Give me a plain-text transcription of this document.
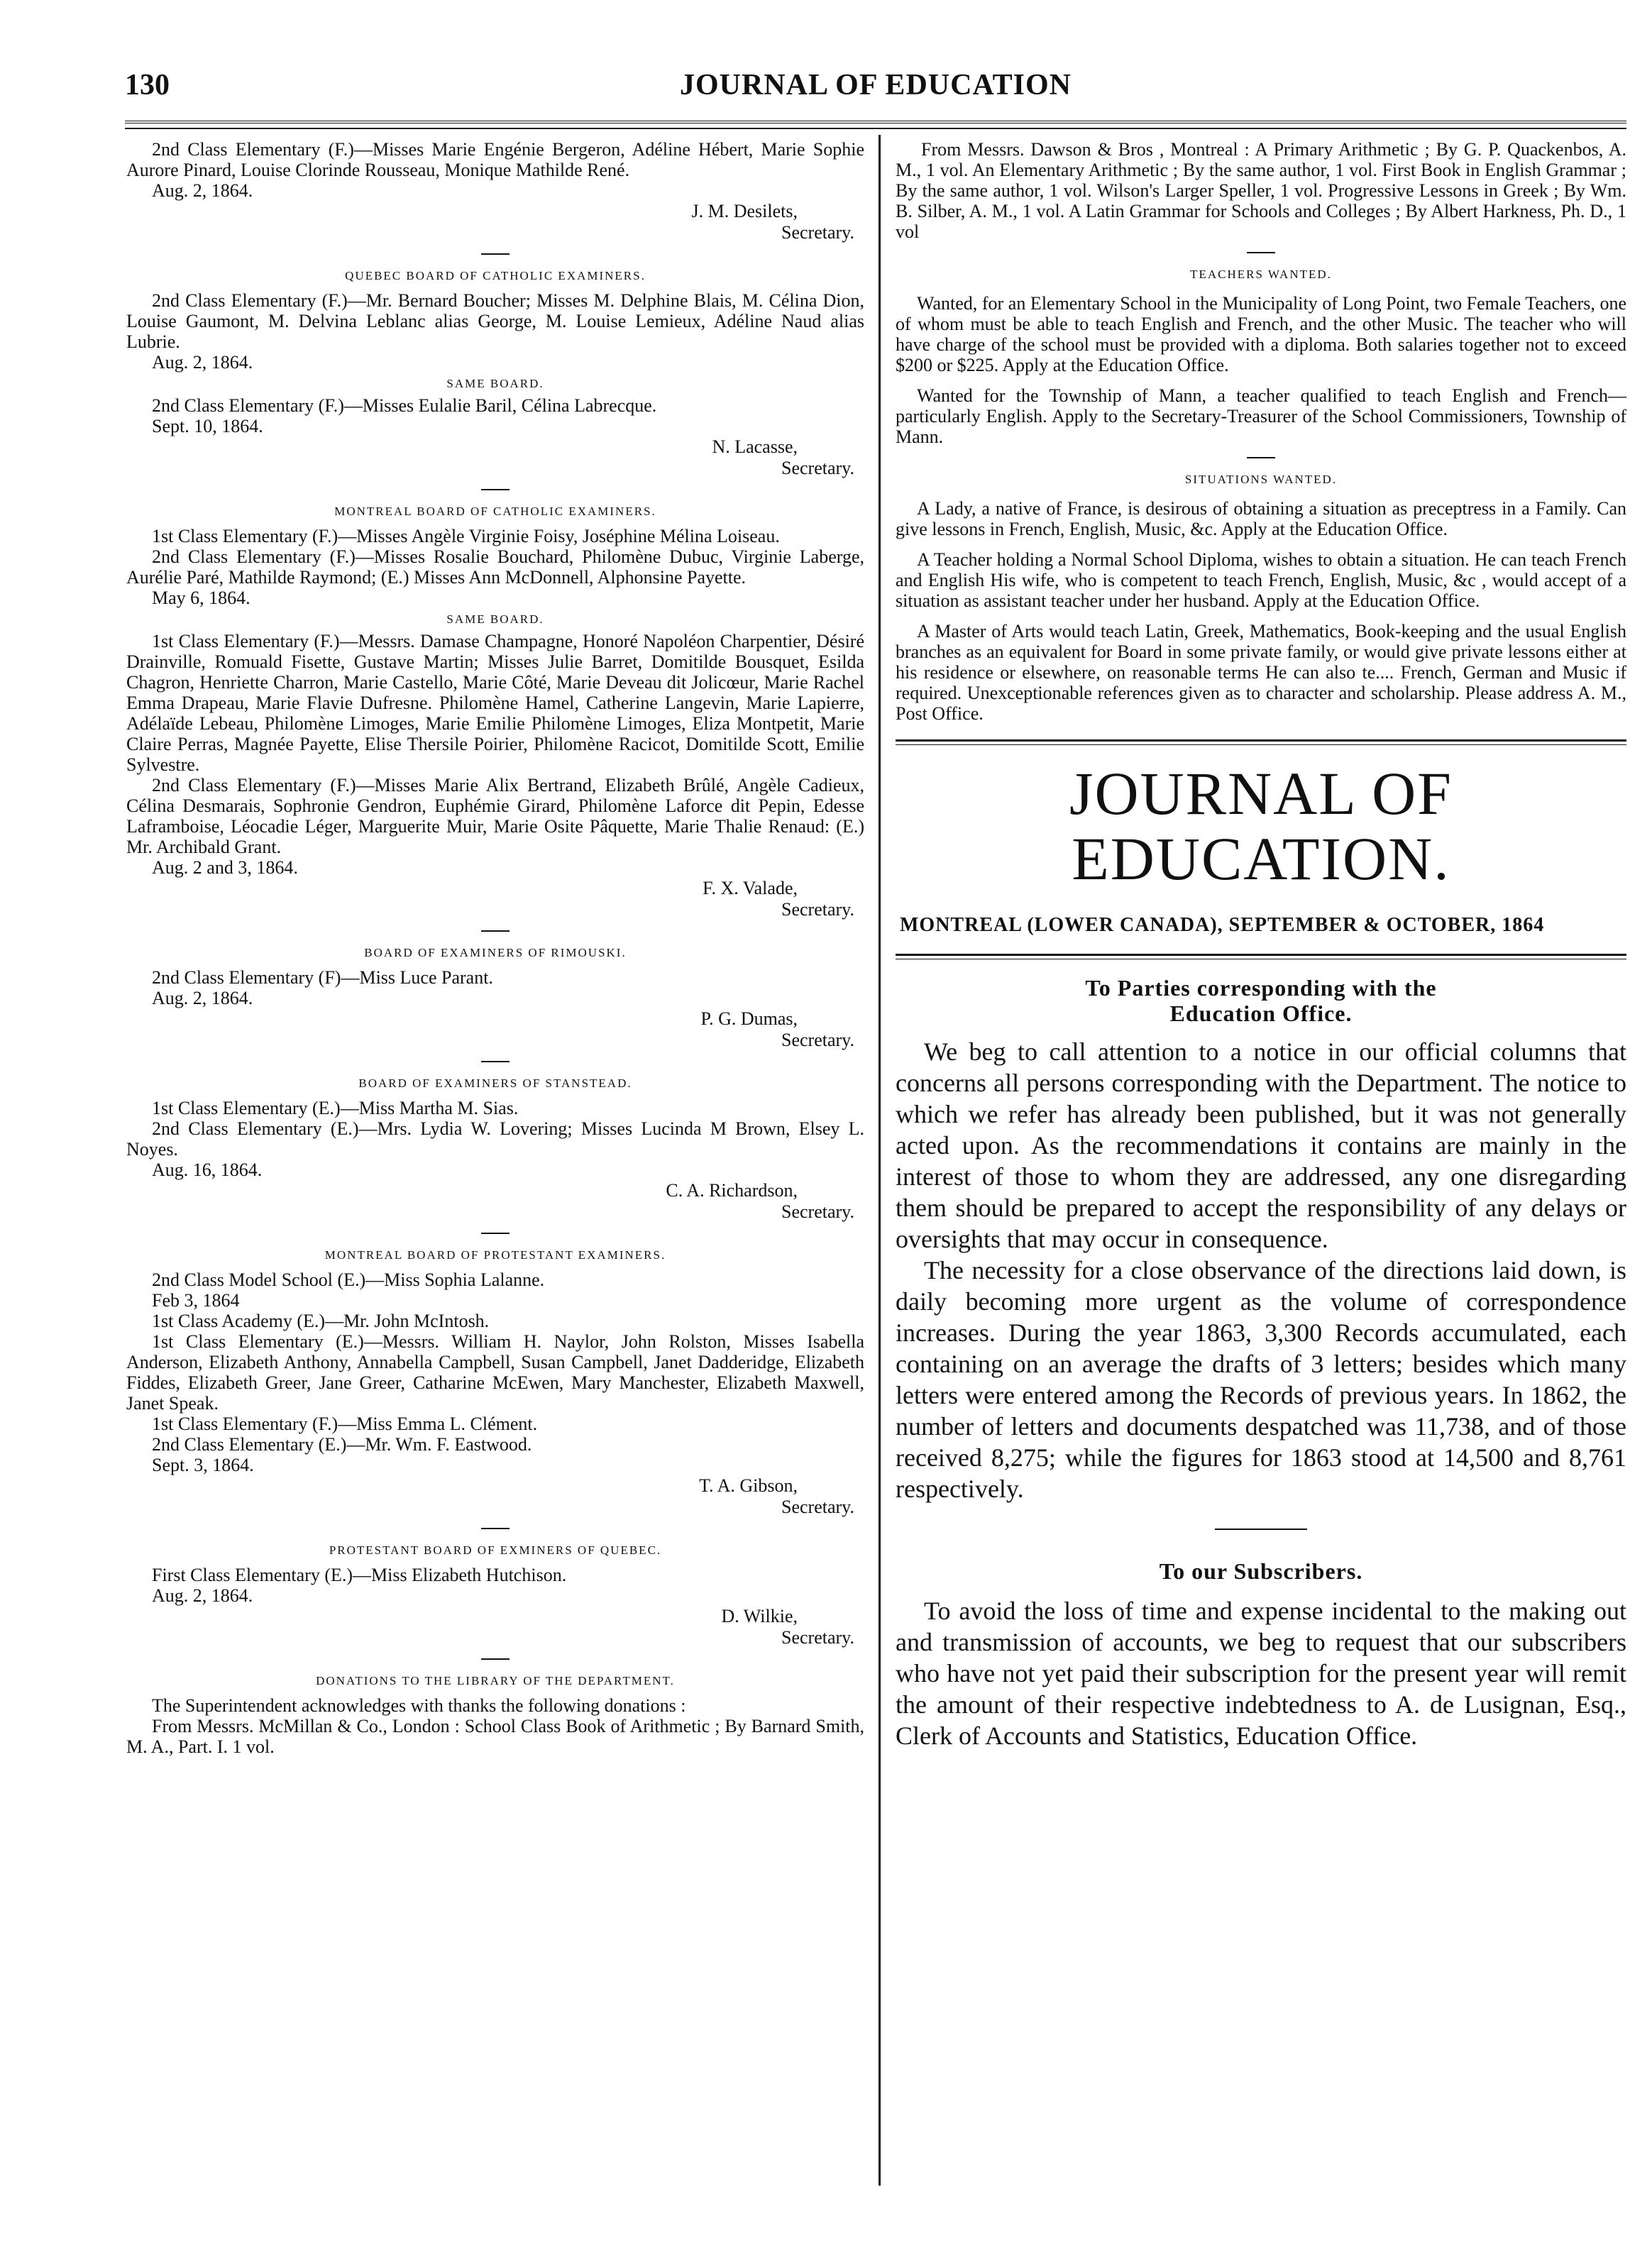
130	JOURNAL OF EDUCATION

2nd Class Elementary (F.)—Misses Marie Engénie Bergeron, Adéline Hébert, Marie Sophie Aurore Pinard, Louise Clorinde Rousseau, Monique Mathilde René.

Aug. 2, 1864.

J. M. Desilets,
Secretary.

QUEBEC BOARD OF CATHOLIC EXAMINERS.

2nd Class Elementary (F.)—Mr. Bernard Boucher; Misses M. Delphine Blais, M. Célina Dion, Louise Gaumont, M. Delvina Leblanc alias George, M. Louise Lemieux, Adéline Naud alias Lubrie.

Aug. 2, 1864.

SAME BOARD.

2nd Class Elementary (F.)—Misses Eulalie Baril, Célina Labrecque.

Sept. 10, 1864.

N. Lacasse,
Secretary.

MONTREAL BOARD OF CATHOLIC EXAMINERS.

1st Class Elementary (F.)—Misses Angèle Virginie Foisy, Joséphine Mélina Loiseau.

2nd Class Elementary (F.)—Misses Rosalie Bouchard, Philomène Dubuc, Virginie Laberge, Aurélie Paré, Mathilde Raymond; (E.) Misses Ann McDonnell, Alphonsine Payette.

May 6, 1864.

SAME BOARD.

1st Class Elementary (F.)—Messrs. Damase Champagne, Honoré Napoléon Charpentier, Désiré Drainville, Romuald Fisette, Gustave Martin; Misses Julie Barret, Domitilde Bousquet, Esilda Chagron, Henriette Charron, Marie Castello, Marie Côté, Marie Deveau dit Jolicœur, Marie Rachel Emma Drapeau, Marie Flavie Dufresne. Philomène Hamel, Catherine Langevin, Marie Lapierre, Adélaïde Lebeau, Philomène Limoges, Marie Emilie Philomène Limoges, Eliza Montpetit, Marie Claire Perras, Magnée Payette, Elise Thersile Poirier, Philomène Racicot, Domitilde Scott, Emilie Sylvestre.

2nd Class Elementary (F.)—Misses Marie Alix Bertrand, Elizabeth Brûlé, Angèle Cadieux, Célina Desmarais, Sophronie Gendron, Euphémie Girard, Philomène Laforce dit Pepin, Edesse Laframboise, Léocadie Léger, Marguerite Muir, Marie Osite Pâquette, Marie Thalie Renaud: (E.) Mr. Archibald Grant.

Aug. 2 and 3, 1864.

F. X. Valade,
Secretary.

BOARD OF EXAMINERS OF RIMOUSKI.

2nd Class Elementary (F)—Miss Luce Parant.

Aug. 2, 1864.

P. G. Dumas,
Secretary.

BOARD OF EXAMINERS OF STANSTEAD.

1st Class Elementary (E.)—Miss Martha M. Sias.

2nd Class Elementary (E.)—Mrs. Lydia W. Lovering; Misses Lucinda M Brown, Elsey L. Noyes.

Aug. 16, 1864.

C. A. Richardson,
Secretary.

MONTREAL BOARD OF PROTESTANT EXAMINERS.

2nd Class Model School (E.)—Miss Sophia Lalanne.

Feb 3, 1864

1st Class Academy (E.)—Mr. John McIntosh.

1st Class Elementary (E.)—Messrs. William H. Naylor, John Rolston, Misses Isabella Anderson, Elizabeth Anthony, Annabella Campbell, Susan Campbell, Janet Dadderidge, Elizabeth Fiddes, Elizabeth Greer, Jane Greer, Catharine McEwen, Mary Manchester, Elizabeth Maxwell, Janet Speak.

1st Class Elementary (F.)—Miss Emma L. Clément.

2nd Class Elementary (E.)—Mr. Wm. F. Eastwood.

Sept. 3, 1864.

T. A. Gibson,
Secretary.

PROTESTANT BOARD OF EXMINERS OF QUEBEC.

First Class Elementary (E.)—Miss Elizabeth Hutchison.

Aug. 2, 1864.

D. Wilkie,
Secretary.

DONATIONS TO THE LIBRARY OF THE DEPARTMENT.

The Superintendent acknowledges with thanks the following donations :

From Messrs. McMillan & Co., London : School Class Book of Arithmetic ; By Barnard Smith, M. A., Part. I. 1 vol.

From Messrs. Dawson & Bros , Montreal : A Primary Arithmetic ; By G. P. Quackenbos, A. M., 1 vol. An Elementary Arithmetic ; By the same author, 1 vol. First Book in English Grammar ; By the same author, 1 vol. Wilson's Larger Speller, 1 vol. Progressive Lessons in Greek ; By Wm. B. Silber, A. M., 1 vol. A Latin Grammar for Schools and Colleges ; By Albert Harkness, Ph. D., 1 vol

TEACHERS WANTED.

Wanted, for an Elementary School in the Municipality of Long Point, two Female Teachers, one of whom must be able to teach English and French, and the other Music. The teacher who will have charge of the school must be provided with a diploma. Both salaries together not to exceed $200 or $225. Apply at the Education Office.

Wanted for the Township of Mann, a teacher qualified to teach English and French—particularly English. Apply to the Secretary-Treasurer of the School Commissioners, Township of Mann.

SITUATIONS WANTED.

A Lady, a native of France, is desirous of obtaining a situation as preceptress in a Family. Can give lessons in French, English, Music, &c. Apply at the Education Office.

A Teacher holding a Normal School Diploma, wishes to obtain a situation. He can teach French and English His wife, who is competent to teach French, English, Music, &c , would accept of a situation as assistant teacher under her husband. Apply at the Education Office.

A Master of Arts would teach Latin, Greek, Mathematics, Book-keeping and the usual English branches as an equivalent for Board in some private family, or would give private lessons either at his residence or elsewhere, on reasonable terms He can also te.... French, German and Music if required. Unexceptionable references given as to character and scholarship. Please address A. M., Post Office.

JOURNAL OF EDUCATION.

MONTREAL (LOWER CANADA), SEPTEMBER & OCTOBER, 1864

To Parties corresponding with the

Education Office.

We beg to call attention to a notice in our official columns that concerns all persons corresponding with the Department. The notice to which we refer has already been published, but it was not generally acted upon. As the recommendations it contains are mainly in the interest of those to whom they are addressed, any one disregarding them should be prepared to accept the responsibility of any delays or oversights that may occur in consequence.

The necessity for a close observance of the directions laid down, is daily becoming more urgent as the volume of correspondence increases. During the year 1863, 3,300 Records accumulated, each containing on an average the drafts of 3 letters; besides which many letters were entered among the Records of previous years. In 1862, the number of letters and documents despatched was 11,738, and of those received 8,275; while the figures for 1863 stood at 14,500 and 8,761 respectively.

To our Subscribers.

To avoid the loss of time and expense incidental to the making out and transmission of accounts, we beg to request that our subscribers who have not yet paid their subscription for the present year will remit the amount of their respective indebtedness to A. de Lusignan, Esq., Clerk of Accounts and Statistics, Education Office.
